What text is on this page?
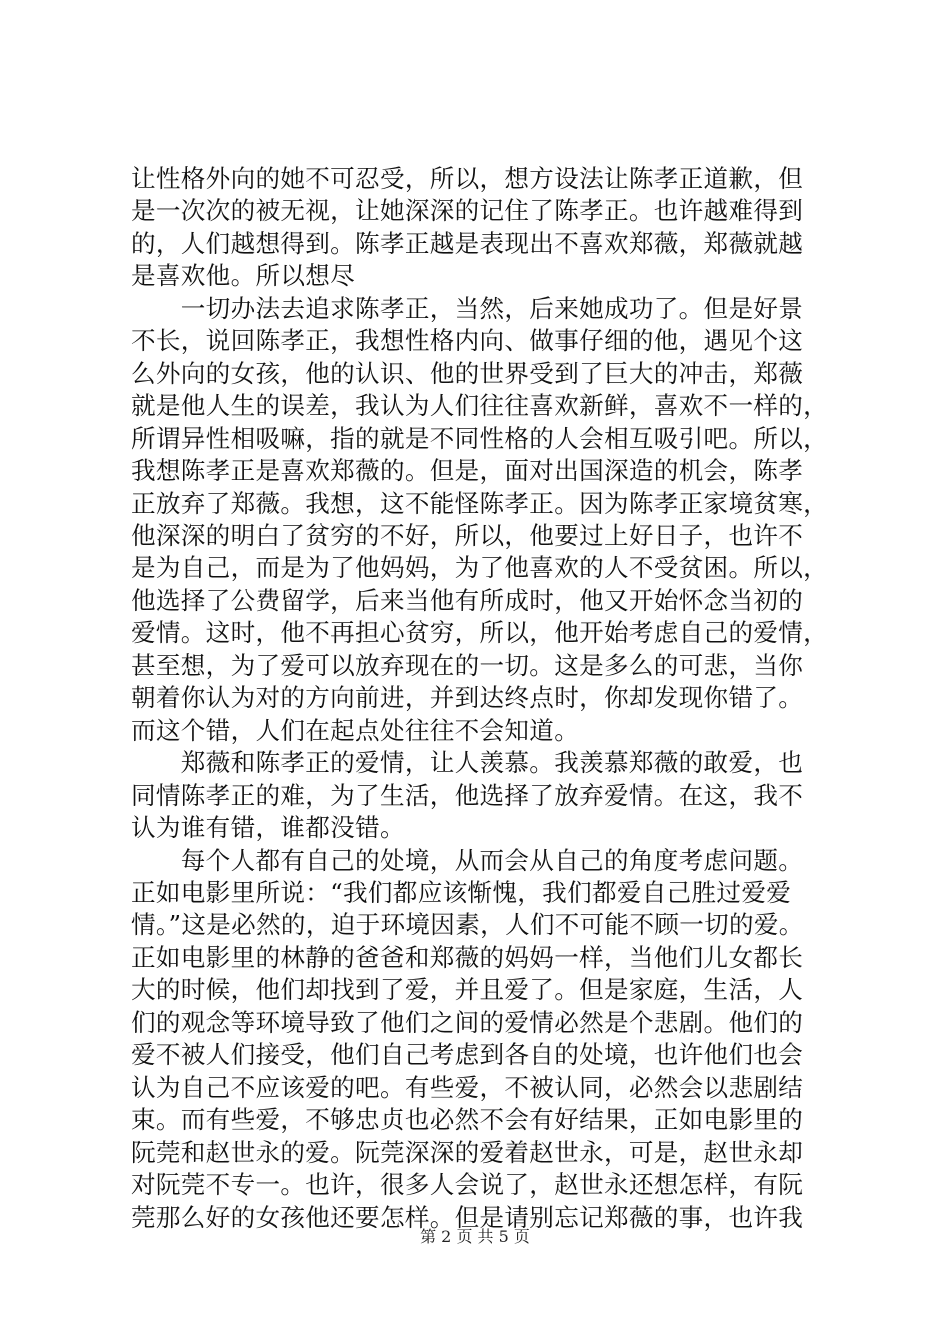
让性格外向的她不可忍受，所以，想方设法让陈孝正道歉，但
是一次次的被无视，让她深深的记住了陈孝正。也许越难得到
的，人们越想得到。陈孝正越是表现出不喜欢郑薇，郑薇就越
是喜欢他。所以想尽
　　一切办法去追求陈孝正，当然，后来她成功了。但是好景
不长，说回陈孝正，我想性格内向、做事仔细的他，遇见个这
么外向的女孩，他的认识、他的世界受到了巨大的冲击，郑薇
就是他人生的误差，我认为人们往往喜欢新鲜，喜欢不一样的，
所谓异性相吸嘛，指的就是不同性格的人会相互吸引吧。所以，
我想陈孝正是喜欢郑薇的。但是，面对出国深造的机会，陈孝
正放弃了郑薇。我想，这不能怪陈孝正。因为陈孝正家境贫寒，
他深深的明白了贫穷的不好，所以，他要过上好日子，也许不
是为自己，而是为了他妈妈，为了他喜欢的人不受贫困。所以，
他选择了公费留学，后来当他有所成时，他又开始怀念当初的
爱情。这时，他不再担心贫穷，所以，他开始考虑自己的爱情，
甚至想，为了爱可以放弃现在的一切。这是多么的可悲，当你
朝着你认为对的方向前进，并到达终点时，你却发现你错了。
而这个错，人们在起点处往往不会知道。
　　郑薇和陈孝正的爱情，让人羡慕。我羡慕郑薇的敢爱，也
同情陈孝正的难，为了生活，他选择了放弃爱情。在这，我不
认为谁有错，谁都没错。
　　每个人都有自己的处境，从而会从自己的角度考虑问题。
正如电影里所说：“我们都应该惭愧，我们都爱自己胜过爱爱
情。”这是必然的，迫于环境因素，人们不可能不顾一切的爱。
正如电影里的林静的爸爸和郑薇的妈妈一样，当他们儿女都长
大的时候，他们却找到了爱，并且爱了。但是家庭，生活，人
们的观念等环境导致了他们之间的爱情必然是个悲剧。他们的
爱不被人们接受，他们自己考虑到各自的处境，也许他们也会
认为自己不应该爱的吧。有些爱，不被认同，必然会以悲剧结
束。而有些爱，不够忠贞也必然不会有好结果，正如电影里的
阮莞和赵世永的爱。阮莞深深的爱着赵世永，可是，赵世永却
对阮莞不专一。也许，很多人会说了，赵世永还想怎样，有阮
莞那么好的女孩他还要怎样。但是请别忘记郑薇的事，也许我
第 2 页 共 5 页
